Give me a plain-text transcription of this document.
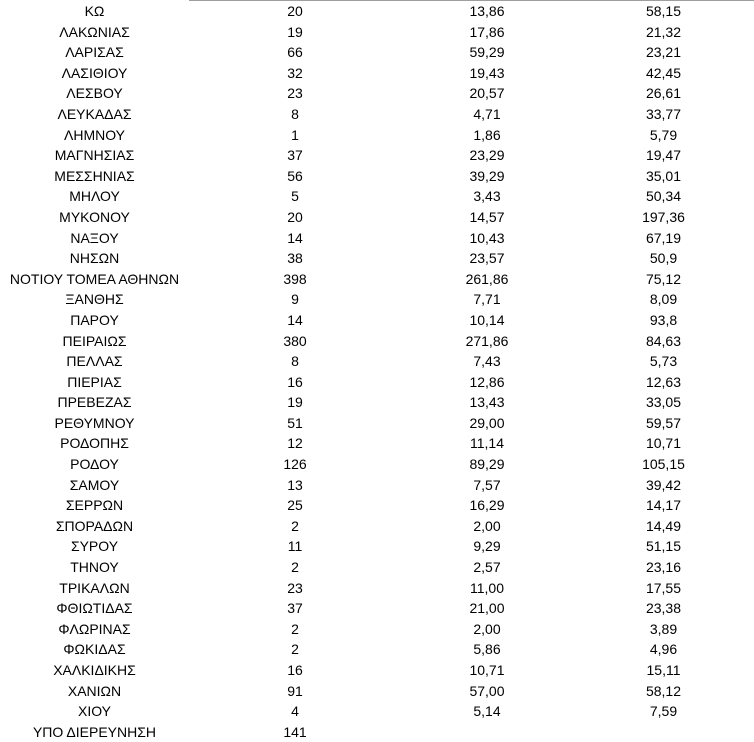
ΚΩ	20	13,86	58,15
ΛΑΚΩΝΙΑΣ	19	17,86	21,32
ΛΑΡΙΣΑΣ	66	59,29	23,21
ΛΑΣΙΘΙΟΥ	32	19,43	42,45
ΛΕΣΒΟΥ	23	20,57	26,61
ΛΕΥΚΑΔΑΣ	8	4,71	33,77
ΛΗΜΝΟΥ	1	1,86	5,79
ΜΑΓΝΗΣΙΑΣ	37	23,29	19,47
ΜΕΣΣΗΝΙΑΣ	56	39,29	35,01
ΜΗΛΟΥ	5	3,43	50,34
ΜΥΚΟΝΟΥ	20	14,57	197,36
ΝΑΞΟΥ	14	10,43	67,19
ΝΗΣΩΝ	38	23,57	50,9
ΝΟΤΙΟΥ ΤΟΜΕΑ ΑΘΗΝΩΝ	398	261,86	75,12
ΞΑΝΘΗΣ	9	7,71	8,09
ΠΑΡΟΥ	14	10,14	93,8
ΠΕΙΡΑΙΩΣ	380	271,86	84,63
ΠΕΛΛΑΣ	8	7,43	5,73
ΠΙΕΡΙΑΣ	16	12,86	12,63
ΠΡΕΒΕΖΑΣ	19	13,43	33,05
ΡΕΘΥΜΝΟΥ	51	29,00	59,57
ΡΟΔΟΠΗΣ	12	11,14	10,71
ΡΟΔΟΥ	126	89,29	105,15
ΣΑΜΟΥ	13	7,57	39,42
ΣΕΡΡΩΝ	25	16,29	14,17
ΣΠΟΡΑΔΩΝ	2	2,00	14,49
ΣΥΡΟΥ	11	9,29	51,15
ΤΗΝΟΥ	2	2,57	23,16
ΤΡΙΚΑΛΩΝ	23	11,00	17,55
ΦΘΙΩΤΙΔΑΣ	37	21,00	23,38
ΦΛΩΡΙΝΑΣ	2	2,00	3,89
ΦΩΚΙΔΑΣ	2	5,86	4,96
ΧΑΛΚΙΔΙΚΗΣ	16	10,71	15,11
ΧΑΝΙΩΝ	91	57,00	58,12
ΧΙΟΥ	4	5,14	7,59
ΥΠΟ ΔΙΕΡΕΥΝΗΣΗ	141
